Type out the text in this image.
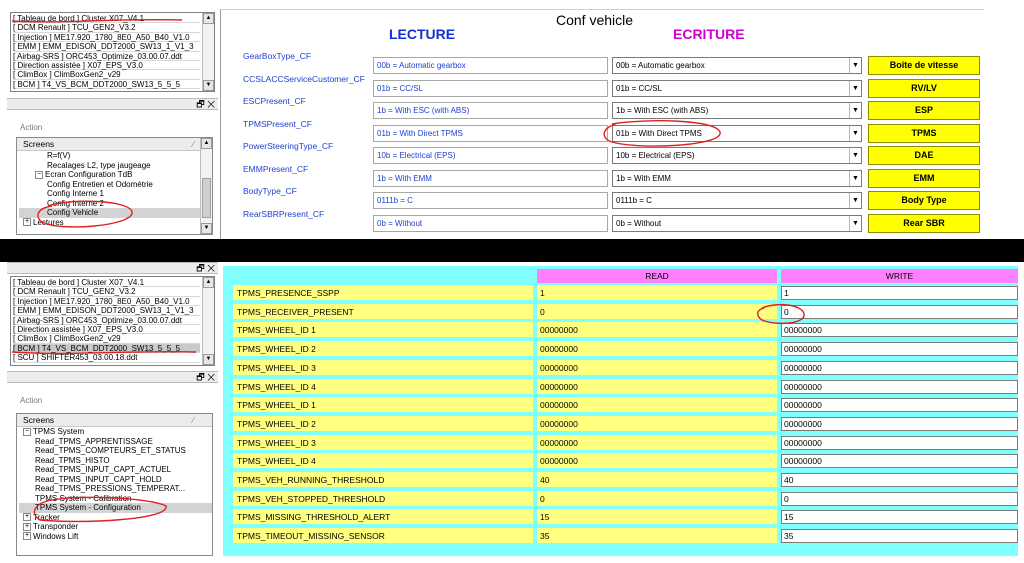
[ Tableau de bord ] Cluster X07_V4.1
[ DCM Renault ] TCU_GEN2_V3.2
[ Injection ] ME17.920_1780_8E0_A50_B40_V1.0
[ EMM ] EMM_EDISON_DDT2000_SW13_1_V1_3
[ Airbag-SRS ] ORC453_Optimize_03.00.07.ddt
[ Direction assistée ] X07_EPS_V3.0
[ ClimBox ] ClimBoxGen2_v29
[ BCM ] T4_VS_BCM_DDT2000_SW13_5_5_5
▲
▼
🗗 ✕
Action
Screens	⁄
R=f(V)
Recalages L2, type jaugeage
− Ecran Configuration TdB
Config Entretien et Odométrie
Config Interne 1
Config Interne 2
Config Vehicle
+ Lectures
▲
▼
Conf vehicle
LECTURE	ECRITURE
GearBoxType_CF
00b = Automatic gearbox	00b = Automatic gearbox	▼	Boîte de vitesse
CCSLACCServiceCustomer_CF
01b = CC/SL	01b = CC/SL	▼	RV/LV
ESCPresent_CF
1b = With ESC (with ABS)	1b = With ESC (with ABS)	▼	ESP
TPMSPresent_CF
01b = With Direct TPMS	01b = With Direct TPMS	▼	TPMS
PowerSteeringType_CF
10b = Electrical (EPS)	10b = Electrical (EPS)	▼	DAE
EMMPresent_CF
1b = With EMM	1b = With EMM	▼	EMM
BodyType_CF
0111b = C	0111b = C	▼	Body Type
RearSBRPresent_CF
0b = Without	0b = Without	▼	Rear SBR
🗗 ✕
[ Tableau de bord ] Cluster X07_V4.1
[ DCM Renault ] TCU_GEN2_V3.2
[ Injection ] ME17.920_1780_8E0_A50_B40_V1.0
[ EMM ] EMM_EDISON_DDT2000_SW13_1_V1_3
[ Airbag-SRS ] ORC453_Optimize_03.00.07.ddt
[ Direction assistée ] X07_EPS_V3.0
[ ClimBox ] ClimBoxGen2_v29
[ BCM ] T4_VS_BCM_DDT2000_SW13_5_5_5
[ SCU ] SHIFTER453_03.00.18.ddt
▲
▼
🗗 ✕
Action
Screens	⁄
− TPMS System
Read_TPMS_APPRENTISSAGE
Read_TPMS_COMPTEURS_ET_STATUS
Read_TPMS_HISTO
Read_TPMS_INPUT_CAPT_ACTUEL
Read_TPMS_INPUT_CAPT_HOLD
Read_TPMS_PRESSIONS_TEMPERAT...
TPMS System - Calibration
TPMS System - Configuration
+ Tracker
+ Transponder
+ Windows Lift
READ	WRITE
TPMS_PRESENCE_SSPP	1	1
TPMS_RECEIVER_PRESENT	0	0
TPMS_WHEEL_ID 1	00000000	00000000
TPMS_WHEEL_ID 2	00000000	00000000
TPMS_WHEEL_ID 3	00000000	00000000
TPMS_WHEEL_ID 4	00000000	00000000
TPMS_WHEEL_ID 1	00000000	00000000
TPMS_WHEEL_ID 2	00000000	00000000
TPMS_WHEEL_ID 3	00000000	00000000
TPMS_WHEEL_ID 4	00000000	00000000
TPMS_VEH_RUNNING_THRESHOLD	40	40
TPMS_VEH_STOPPED_THRESHOLD	0	0
TPMS_MISSING_THRESHOLD_ALERT	15	15
TPMS_TIMEOUT_MISSING_SENSOR	35	35
